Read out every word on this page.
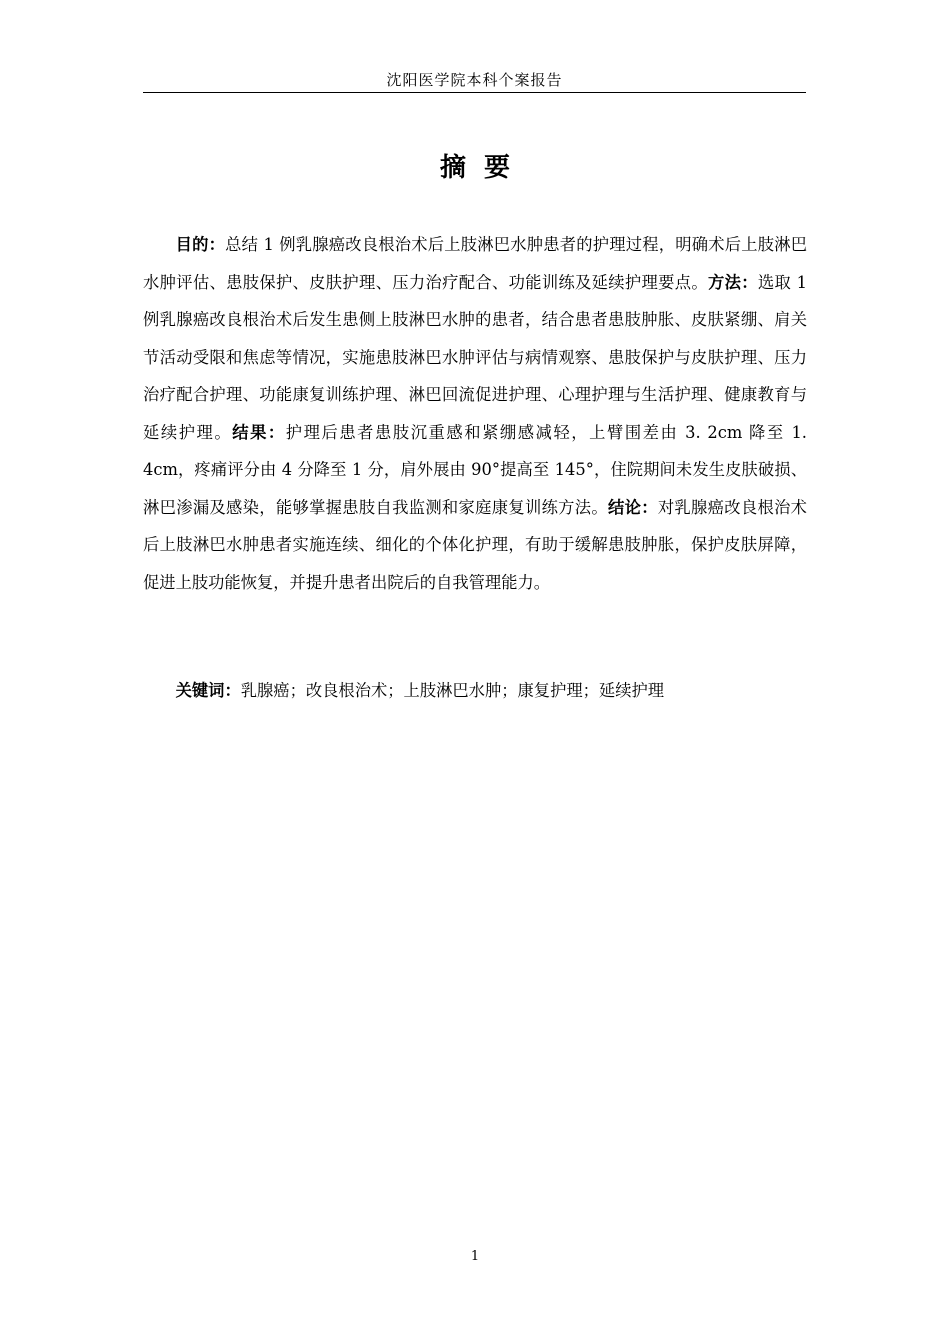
沈阳医学院本科个案报告
摘  要
目的：总结 1 例乳腺癌改良根治术后上肢淋巴水肿患者的护理过程，明确术后上肢淋巴水肿评估、患肢保护、皮肤护理、压力治疗配合、功能训练及延续护理要点。方法：选取 1 例乳腺癌改良根治术后发生患侧上肢淋巴水肿的患者，结合患者患肢肿胀、皮肤紧绷、肩关节活动受限和焦虑等情况，实施患肢淋巴水肿评估与病情观察、患肢保护与皮肤护理、压力治疗配合护理、功能康复训练护理、淋巴回流促进护理、心理护理与生活护理、健康教育与延续护理。结果：护理后患者患肢沉重感和紧绷感减轻，上臂围差由 3. 2cm 降至 1. 4cm，疼痛评分由 4 分降至 1 分，肩外展由 90°提高至 145°，住院期间未发生皮肤破损、淋巴渗漏及感染，能够掌握患肢自我监测和家庭康复训练方法。结论：对乳腺癌改良根治术后上肢淋巴水肿患者实施连续、细化的个体化护理，有助于缓解患肢肿胀，保护皮肤屏障，促进上肢功能恢复，并提升患者出院后的自我管理能力。
关键词：乳腺癌；改良根治术；上肢淋巴水肿；康复护理；延续护理
1
